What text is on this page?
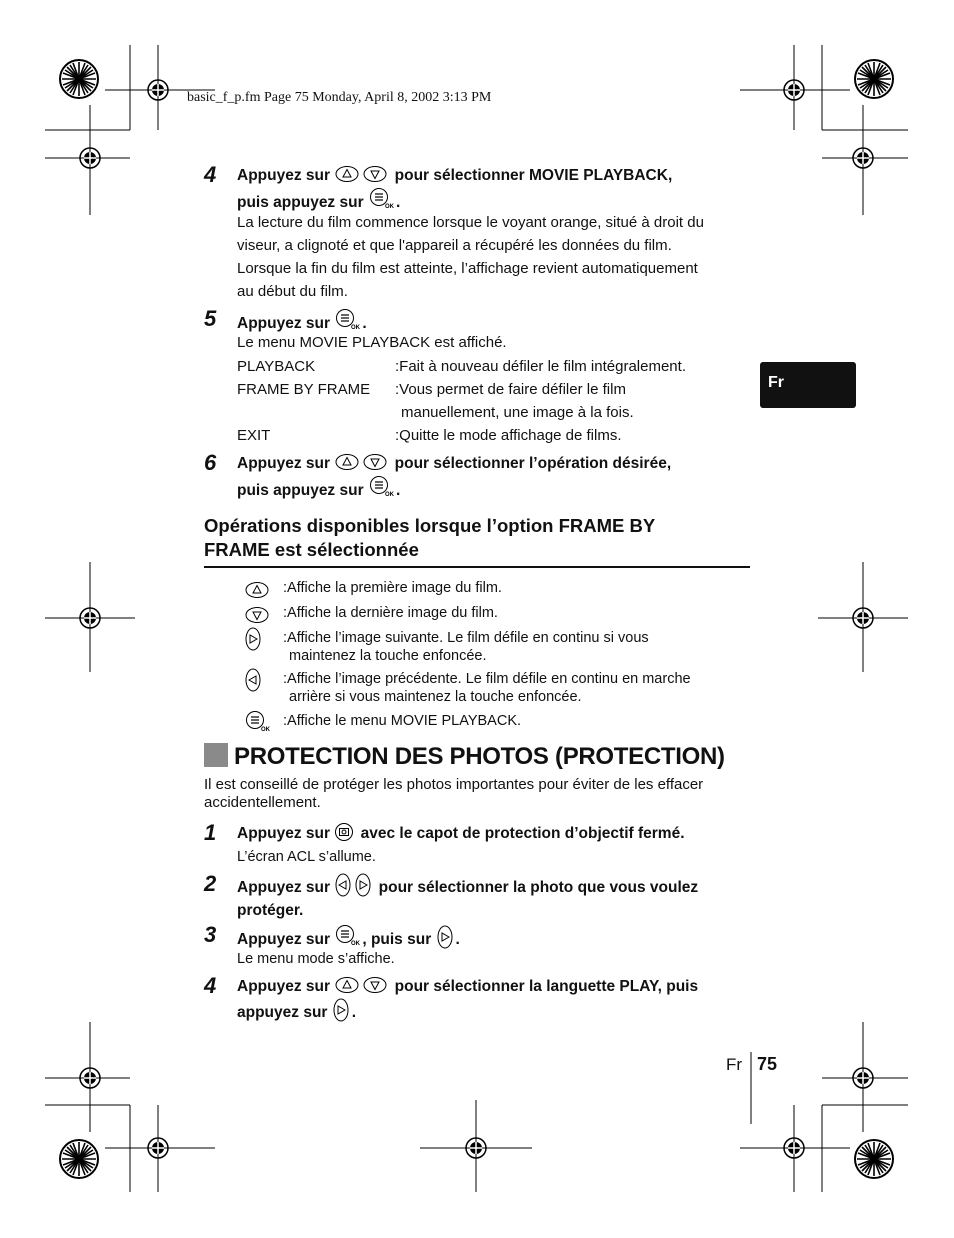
basic_f_p.fm Page 75 Monday, April 8, 2002 3:13 PM
Fr
4 Appuyez sur	pour sélectionner MOVIE PLAYBACK,
puis appuyez sur .
La lecture du film commence lorsque le voyant orange, situé à droit du
viseur, a clignoté et que l'appareil a récupéré les données du film.
Lorsque la fin du film est atteinte, l’affichage revient automatiquement
au début du film.
5 Appuyez sur .
Le menu MOVIE PLAYBACK est affiché.
PLAYBACK	:Fait à nouveau défiler le film intégralement.
FRAME BY FRAME :Vous permet de faire défiler le film
manuellement, une image à la fois.
EXIT	:Quitte le mode affichage de films.
6 Appuyez sur	pour sélectionner l’opération désirée,
puis appuyez sur .
Opérations disponibles lorsque l’option FRAME BY
FRAME est sélectionnée
:Affiche la première image du film.
:Affiche la dernière image du film.
:Affiche l’image suivante. Le film défile en continu si vous
maintenez la touche enfoncée.
:Affiche l’image précédente. Le film défile en continu en marche
arrière si vous maintenez la touche enfoncée.
:Affiche le menu MOVIE PLAYBACK.
PROTECTION DES PHOTOS (PROTECTION)
Il est conseillé de protéger les photos importantes pour éviter de les effacer
accidentellement.
1 Appuyez sur avec le capot de protection d’objectif fermé.
L’écran ACL s’allume.
2 Appuyez sur	pour sélectionner la photo que vous voulez
protéger.
3 Appuyez sur , puis sur .
Le menu mode s’affiche.
4 Appuyez sur	pour sélectionner la languette PLAY, puis
appuyez sur .
Fr 75
